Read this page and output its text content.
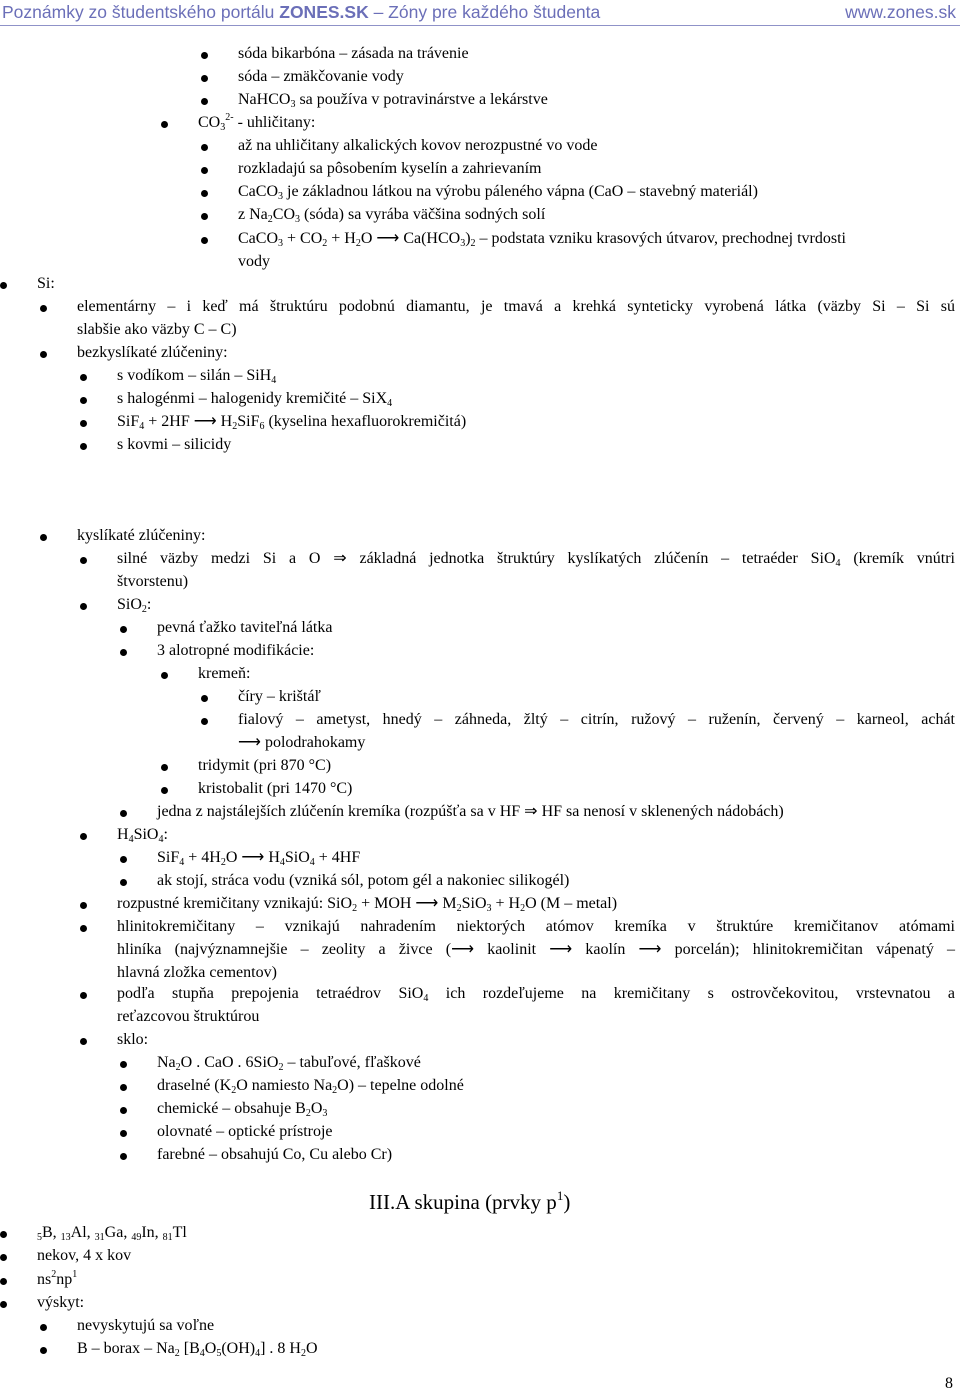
Poznámky zo študentského portálu ZONES.SK – Zóny pre každého študenta	www.zones.sk
sóda bikarbóna – zásada na trávenie
sóda – zmäkčovanie vody
NaHCO$_3$ sa používa v potravinárstve a lekárstve
$CO_3^{2-}$ - uhličitany:
až na uhličitany alkalických kovov nerozpustné vo vode
rozkladajú sa pôsobením kyselín a zahrievaním
CaCO$_3$ je základnou látkou na výrobu páleného vápna (CaO – stavebný materiál)
z $Na_2CO_3$ (sóda) sa vyrába väčšina sodných solí
CaCO$_3$ + $CO_2 + H_2O$ ⟶ $Ca(HCO_3)_2$ – podstata vzniku krasových útvarov, prechodnej tvrdosti
vody
Si:
elementárny – i keď má štruktúru podobnú diamantu, je tmavá a krehká synteticky vyrobená látka (väzby Si – Si sú
slabšie ako väzby C – C)
bezkyslíkaté zlúčeniny:
s vodíkom – silán – SiH$_4$
s halogénmi – halogenidy kremičité – SiX$_4$
SiF$_4$ + 2HF ⟶ $H_2SiF_6$ (kyselina hexafluorokremičitá)
s kovmi – silicidy
kyslíkaté zlúčeniny:
silné väzby medzi Si a O ⇒ základná jednotka štruktúry kyslíkatých zlúčenín – tetraéder SiO$_4$ (kremík vnútri
štvorstenu)
SiO$_2$:
pevná ťažko taviteľná látka
3 alotropné modifikácie:
kremeň:
číry – krištáľ
fialový – ametyst, hnedý – záhneda, žltý – citrín, ružový – ruženín, červený – karneol, achát
⟶ polodrahokamy
tridymit (pri 870 °C)
kristobalit (pri 1470 °C)
jedna z najstálejších zlúčenín kremíka (rozpúšťa sa v HF ⇒ HF sa nenosí v sklenených nádobách)
$H_4SiO_4$:
$SiF_4 + 4H_2O$ ⟶ $H_4SiO_4 + 4HF$
ak stojí, stráca vodu (vzniká sól, potom gél a nakoniec silikogél)
rozpustné kremičitany vznikajú: SiO$_2$ + MOH ⟶ $M_2SiO_3 + H_2O$ (M – metal)
hlinitokremičitany – vznikajú nahradením niektorých atómov kremíka v štruktúre kremičitanov atómami
hliníka (najvýznamnejšie – zeolity a živce (⟶ kaolinit ⟶ kaolín ⟶ porcelán); hlinitokremičitan vápenatý –
hlavná zložka cementov)
podľa stupňa prepojenia tetraédrov SiO$_4$ ich rozdeľujeme na kremičitany s ostrovčekovitou, vrstevnatou a
reťazcovou štruktúrou
sklo:
$Na_2O$ . CaO . 6SiO$_2$ – tabuľové, fľaškové
draselné ($K_2O$ namiesto $Na_2O$) – tepelne odolné
chemické – obsahuje $B_2O_3$
olovnaté – optické prístroje
farebné – obsahujú Co, Cu alebo Cr)
III.A skupina (prvky $p^1$)
$_5$B, $_{13}$Al, $_{31}$Ga, $_{49}$In, $_{81}$Tl
nekov, 4 x kov
$ns^2np^1$
výskyt:
nevyskytujú sa voľne
B – borax – $Na_2$ $[B_4O_5(OH)_4]$ . 8 $H_2O$
8
